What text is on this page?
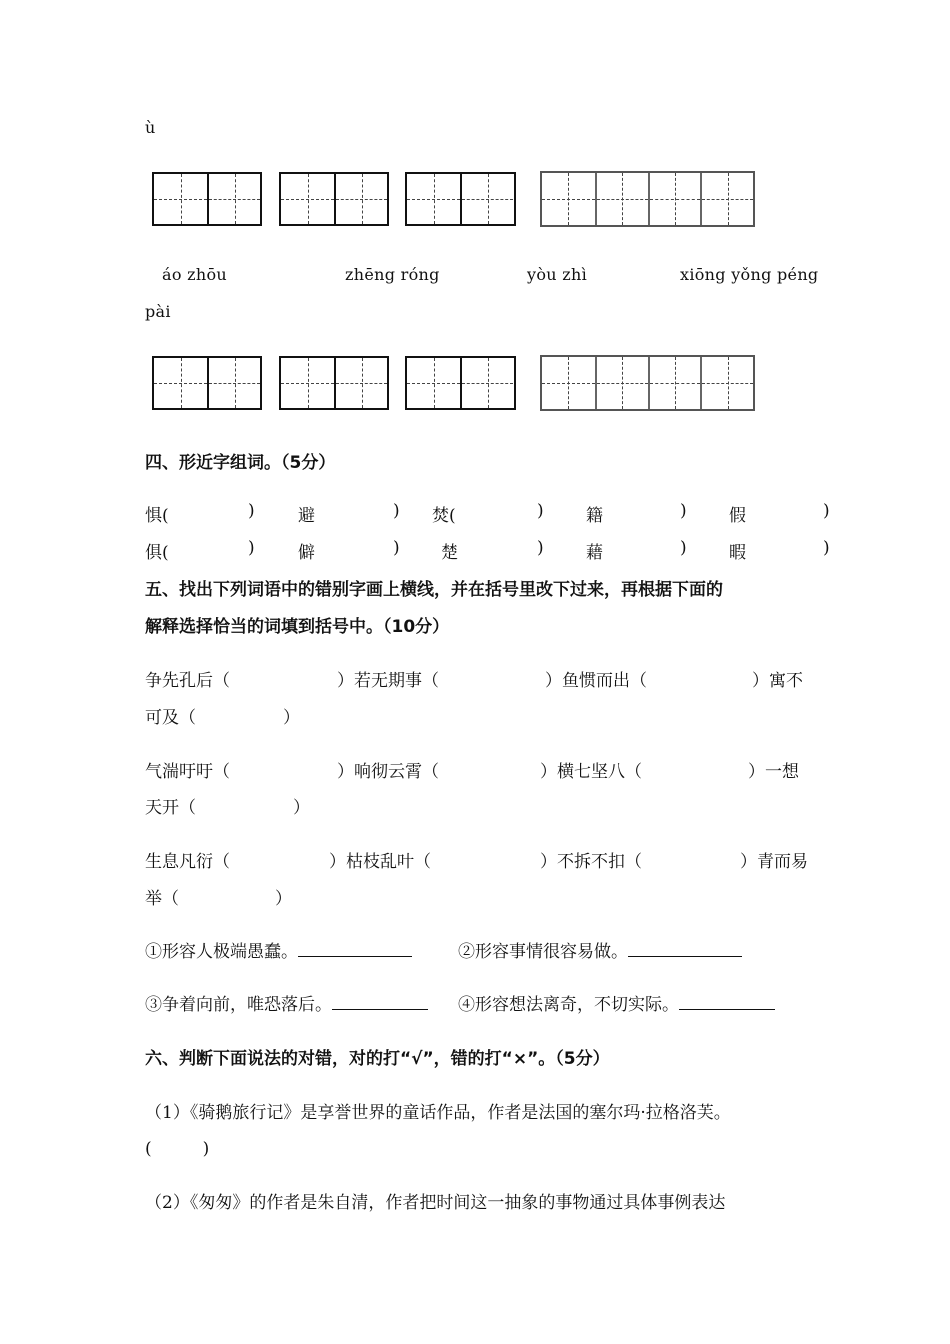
ù
áo zhōu	zhēng róng	yòu zhì	xiōng yǒng péng
pài
四、形近字组词。（5分）
惧(	)	避	) 焚(	) 籍	) 假	)
俱(	)	僻	) 楚	) 藉	) 暇	)
五、找出下列词语中的错别字画上横线，并在括号里改下过来，再根据下面的
解释选择恰当的词填到括号中。（10分）
争先孔后（	）若无期事（	）鱼惯而出（	）寓不
可及（	）
气湍吁吁（	）响彻云霄（	）横七坚八（	）一想
天开（	）
生息凡衍（	）枯枝乱叶（	）不拆不扣（	）青而易
举（	）
①形容人极端愚蠢。	②形容事情很容易做。
③争着向前，唯恐落后。	④形容想法离奇，不切实际。
六、判断下面说法的对错，对的打“√”，错的打“×”。（5分）
（1）《骑鹅旅行记》是享誉世界的童话作品，作者是法国的塞尔玛·拉格洛芙。
(　　　)
（2）《匆匆》的作者是朱自清，作者把时间这一抽象的事物通过具体事例表达
